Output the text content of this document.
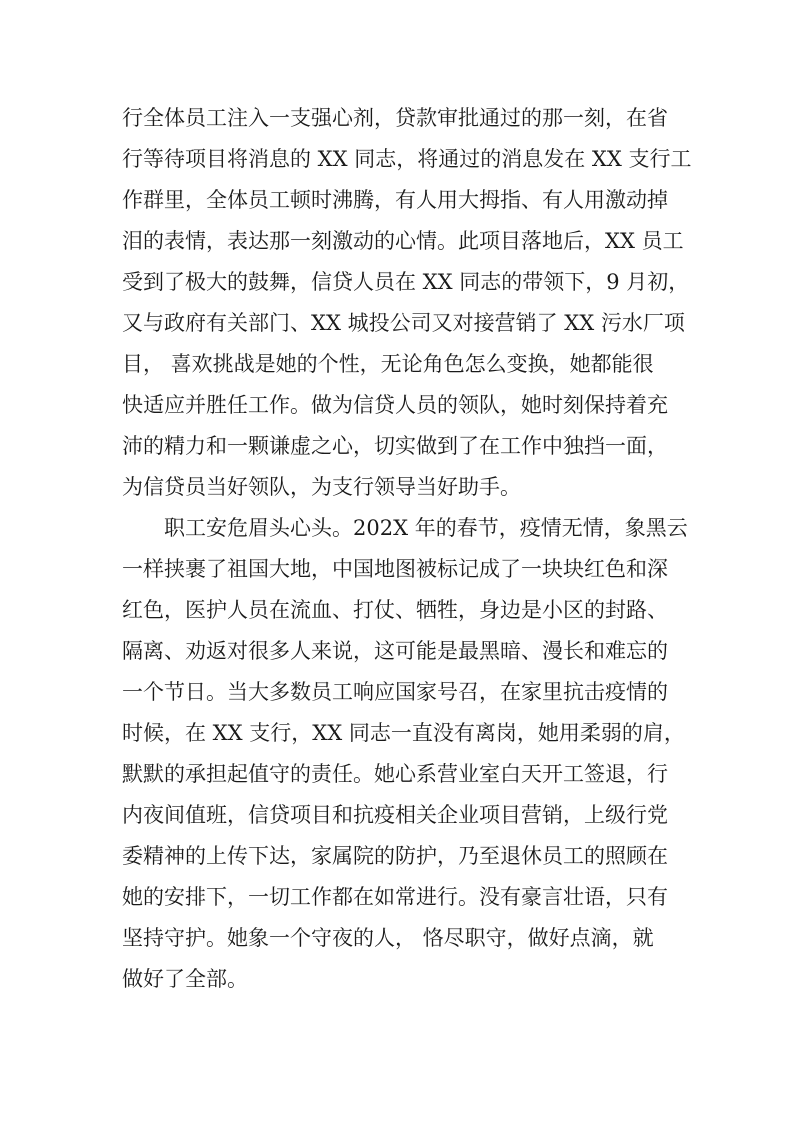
行全体员工注入一支强心剂，贷款审批通过的那一刻，在省
行等待项目将消息的 XX 同志，将通过的消息发在 XX 支行工
作群里，全体员工顿时沸腾，有人用大拇指、有人用激动掉
泪的表情，表达那一刻激动的心情。此项目落地后，XX 员工
受到了极大的鼓舞，信贷人员在 XX 同志的带领下，9 月初，
又与政府有关部门、XX 城投公司又对接营销了 XX 污水厂项
目， 喜欢挑战是她的个性，无论角色怎么变换，她都能很
快适应并胜任工作。做为信贷人员的领队，她时刻保持着充
沛的精力和一颗谦虚之心，切实做到了在工作中独挡一面，
为信贷员当好领队，为支行领导当好助手。
职工安危眉头心头。202X 年的春节，疫情无情，象黑云
一样挟裹了祖国大地，中国地图被标记成了一块块红色和深
红色，医护人员在流血、打仗、牺牲，身边是小区的封路、
隔离、劝返对很多人来说，这可能是最黑暗、漫长和难忘的
一个节日。当大多数员工响应国家号召，在家里抗击疫情的
时候，在 XX 支行，XX 同志一直没有离岗，她用柔弱的肩，
默默的承担起值守的责任。她心系营业室白天开工签退，行
内夜间值班，信贷项目和抗疫相关企业项目营销，上级行党
委精神的上传下达，家属院的防护，乃至退休员工的照顾在
她的安排下，一切工作都在如常进行。没有豪言壮语，只有
坚持守护。她象一个守夜的人， 恪尽职守，做好点滴，就
做好了全部。
